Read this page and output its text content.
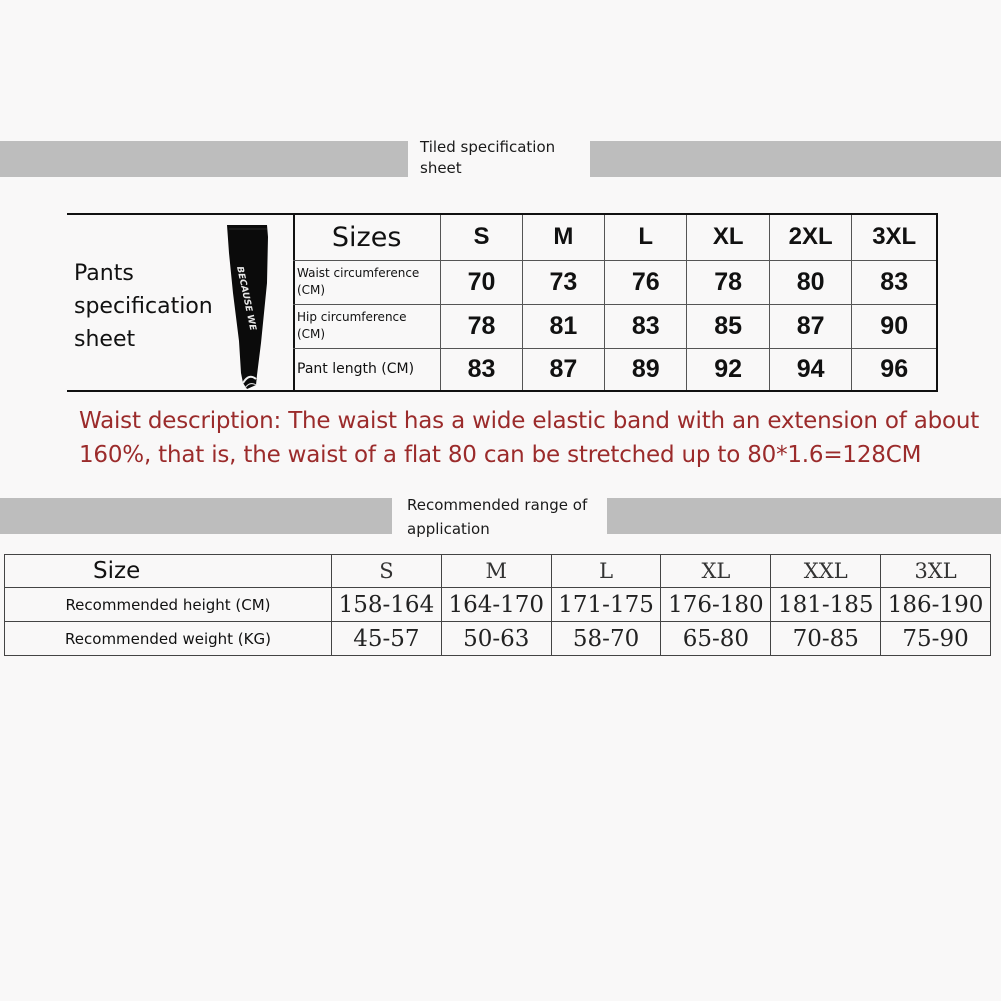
Tiled specification
sheet
Pants
specification
sheet
BECAUSE WE
Sizes	S	M	L	XL	2XL	3XL
Waist circumference
(CM)	70	73	76	78	80	83
Hip circumference
(CM)	78	81	83	85	87	90
Pant length (CM)	83	87	89	92	94	96
Waist description: The waist has a wide elastic band with an extension of about
160%, that is, the waist of a flat 80 can be stretched up to 80*1.6=128CM
Recommended range of
application
Size	S	M	L	XL	XXL	3XL
Recommended height (CM)	158-164	164-170	171-175	176-180	181-185	186-190
Recommended weight (KG)	45-57	50-63	58-70	65-80	70-85	75-90
